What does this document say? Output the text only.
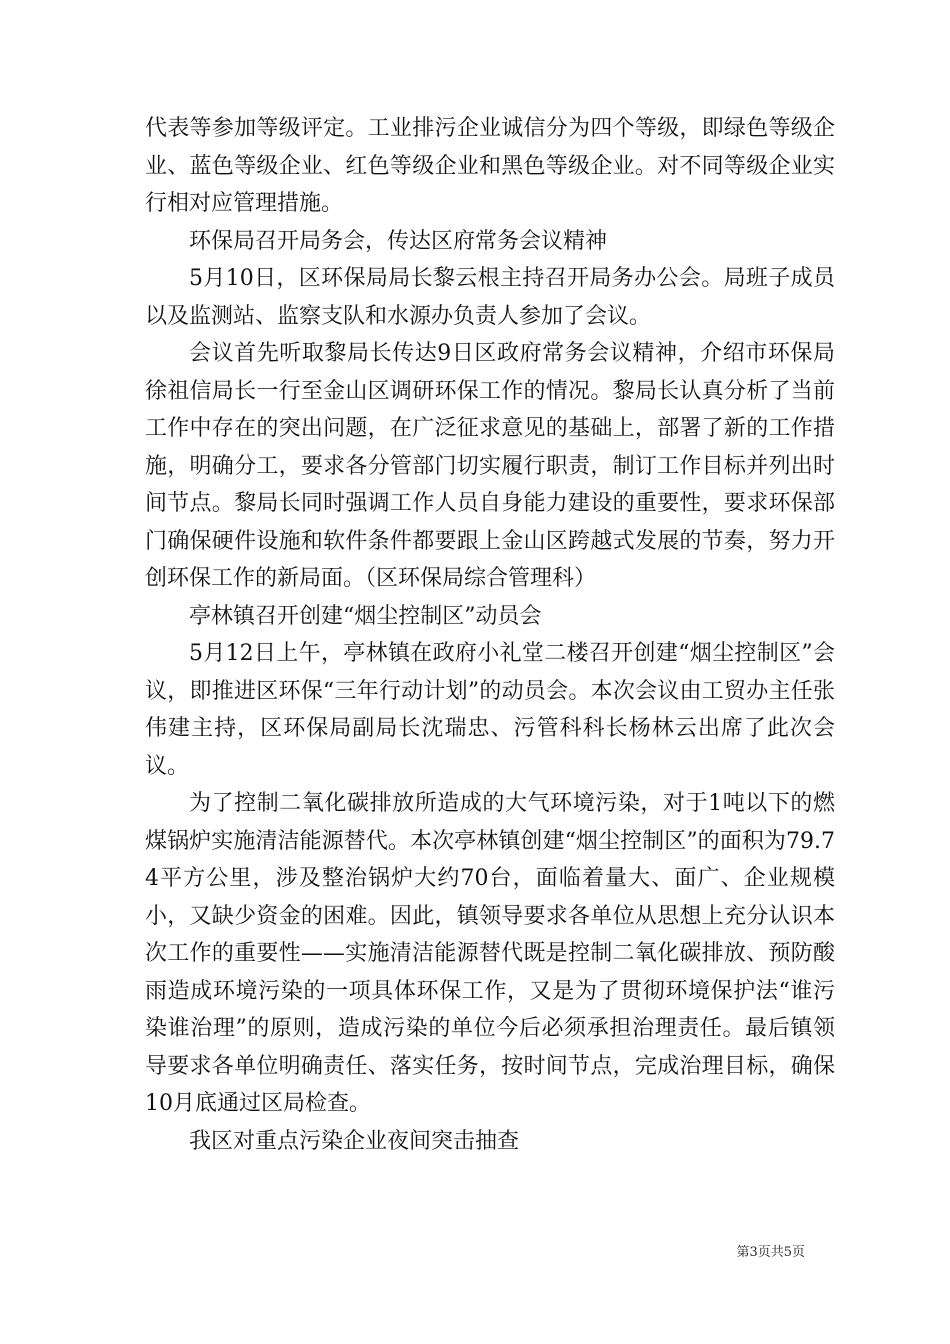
代表等参加等级评定。工业排污企业诚信分为四个等级，即绿色等级企业、蓝色等级企业、红色等级企业和黑色等级企业。对不同等级企业实行相对应管理措施。

环保局召开局务会，传达区府常务会议精神

5月10日，区环保局局长黎云根主持召开局务办公会。局班子成员以及监测站、监察支队和水源办负责人参加了会议。

会议首先听取黎局长传达9日区政府常务会议精神，介绍市环保局徐祖信局长一行至金山区调研环保工作的情况。黎局长认真分析了当前工作中存在的突出问题，在广泛征求意见的基础上，部署了新的工作措施，明确分工，要求各分管部门切实履行职责，制订工作目标并列出时间节点。黎局长同时强调工作人员自身能力建设的重要性，要求环保部门确保硬件设施和软件条件都要跟上金山区跨越式发展的节奏，努力开创环保工作的新局面。（区环保局综合管理科）

亭林镇召开创建“烟尘控制区”动员会

5月12日上午，亭林镇在政府小礼堂二楼召开创建“烟尘控制区”会议，即推进区环保“三年行动计划”的动员会。本次会议由工贸办主任张伟建主持，区环保局副局长沈瑞忠、污管科科长杨林云出席了此次会议。

为了控制二氧化碳排放所造成的大气环境污染，对于1吨以下的燃煤锅炉实施清洁能源替代。本次亭林镇创建“烟尘控制区”的面积为79.74平方公里，涉及整治锅炉大约70台，面临着量大、面广、企业规模小，又缺少资金的困难。因此，镇领导要求各单位从思想上充分认识本次工作的重要性——实施清洁能源替代既是控制二氧化碳排放、预防酸雨造成环境污染的一项具体环保工作，又是为了贯彻环境保护法“谁污染谁治理”的原则，造成污染的单位今后必须承担治理责任。最后镇领导要求各单位明确责任、落实任务，按时间节点，完成治理目标，确保10月底通过区局检查。

我区对重点污染企业夜间突击抽查

第3页共5页
